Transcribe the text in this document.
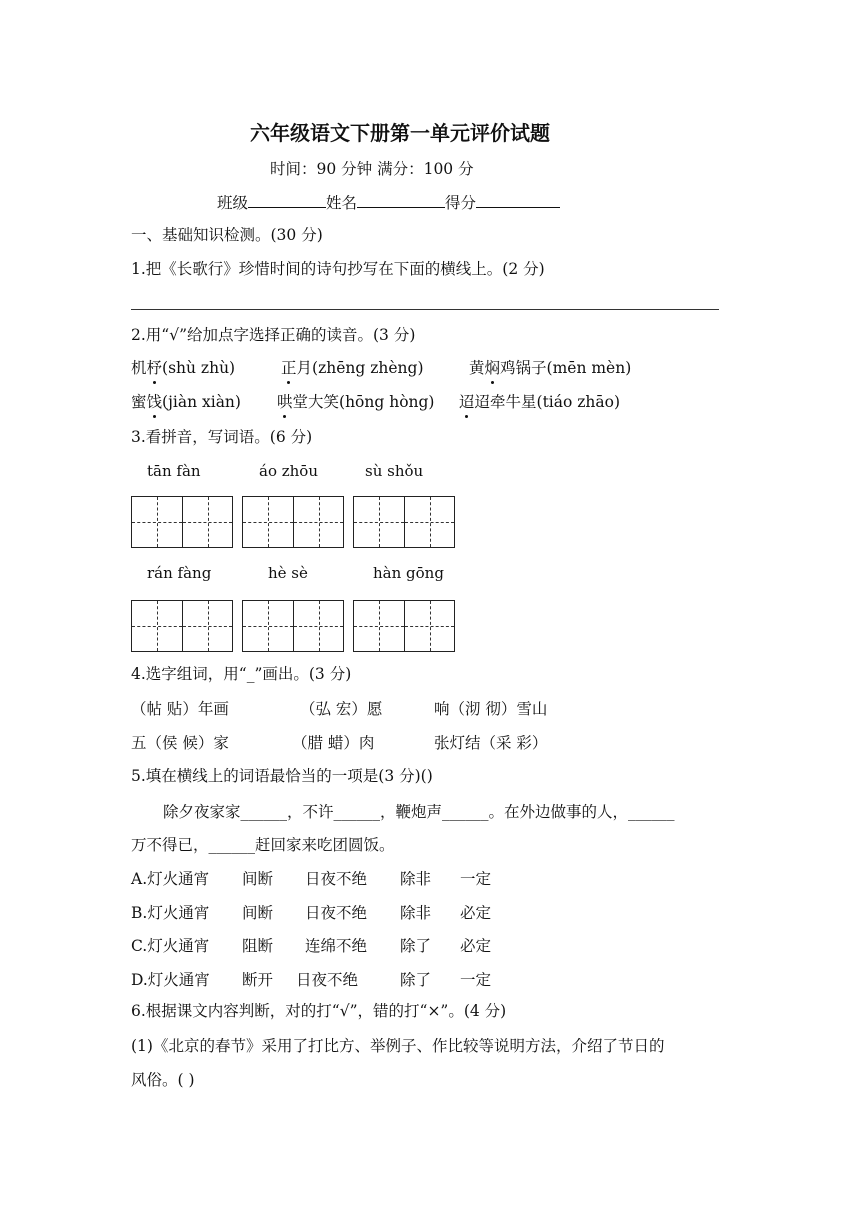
六年级语文下册第一单元评价试题
时间：90 分钟 满分：100 分
班级	姓名	得分
一、基础知识检测。(30 分)
1.把《长歌行》珍惜时间的诗句抄写在下面的横线上。(2 分)
2.用“√”给加点字选择正确的读音。(3 分)
机杼(shù zhù)	正月(zhēng zhèng)	黄焖鸡锅子(mēn mèn)
蜜饯(jiàn xiàn) 哄堂大笑(hōng hòng) 迢迢牵牛星(tiáo zhāo)
3.看拼音，写词语。(6 分)
tān fàn	áo zhōu	sù shǒu
rán fàng	hè sè	hàn gōng
4.选字组词，用“_”画出。(3 分)
（帖 贴）年画	（弘 宏）愿	响（沏 彻）雪山
五（侯 候）家	（腊 蜡）肉	张灯结（采 彩）
5.填在横线上的词语最恰当的一项是(3 分)()
除夕夜家家______，不许______，鞭炮声______。在外边做事的人，______
万不得已，______赶回家来吃团圆饭。
A.灯火通宵 间断 日夜不绝 除非 一定
B.灯火通宵 间断 日夜不绝 除非 必定
C.灯火通宵 阻断 连绵不绝 除了 必定
D.灯火通宵 断开 日夜不绝	除了 一定
6.根据课文内容判断，对的打“√”，错的打“×”。(4 分)
(1)《北京的春节》采用了打比方、举例子、作比较等说明方法，介绍了节日的
风俗。( )
